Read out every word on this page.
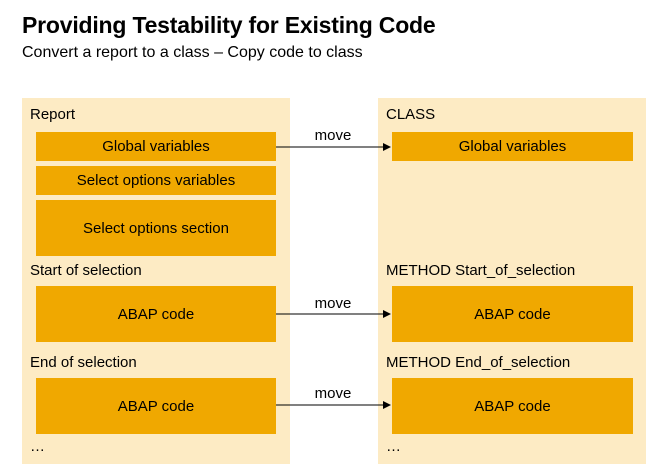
Providing Testability for Existing Code
Convert a report to a class – Copy code to class
Report
Global variables
Select options variables
Select options section
Start of selection
ABAP code
End of selection
ABAP code
…
CLASS
Global variables
METHOD Start_of_selection
ABAP code
METHOD End_of_selection
ABAP code
…
move
move
move
